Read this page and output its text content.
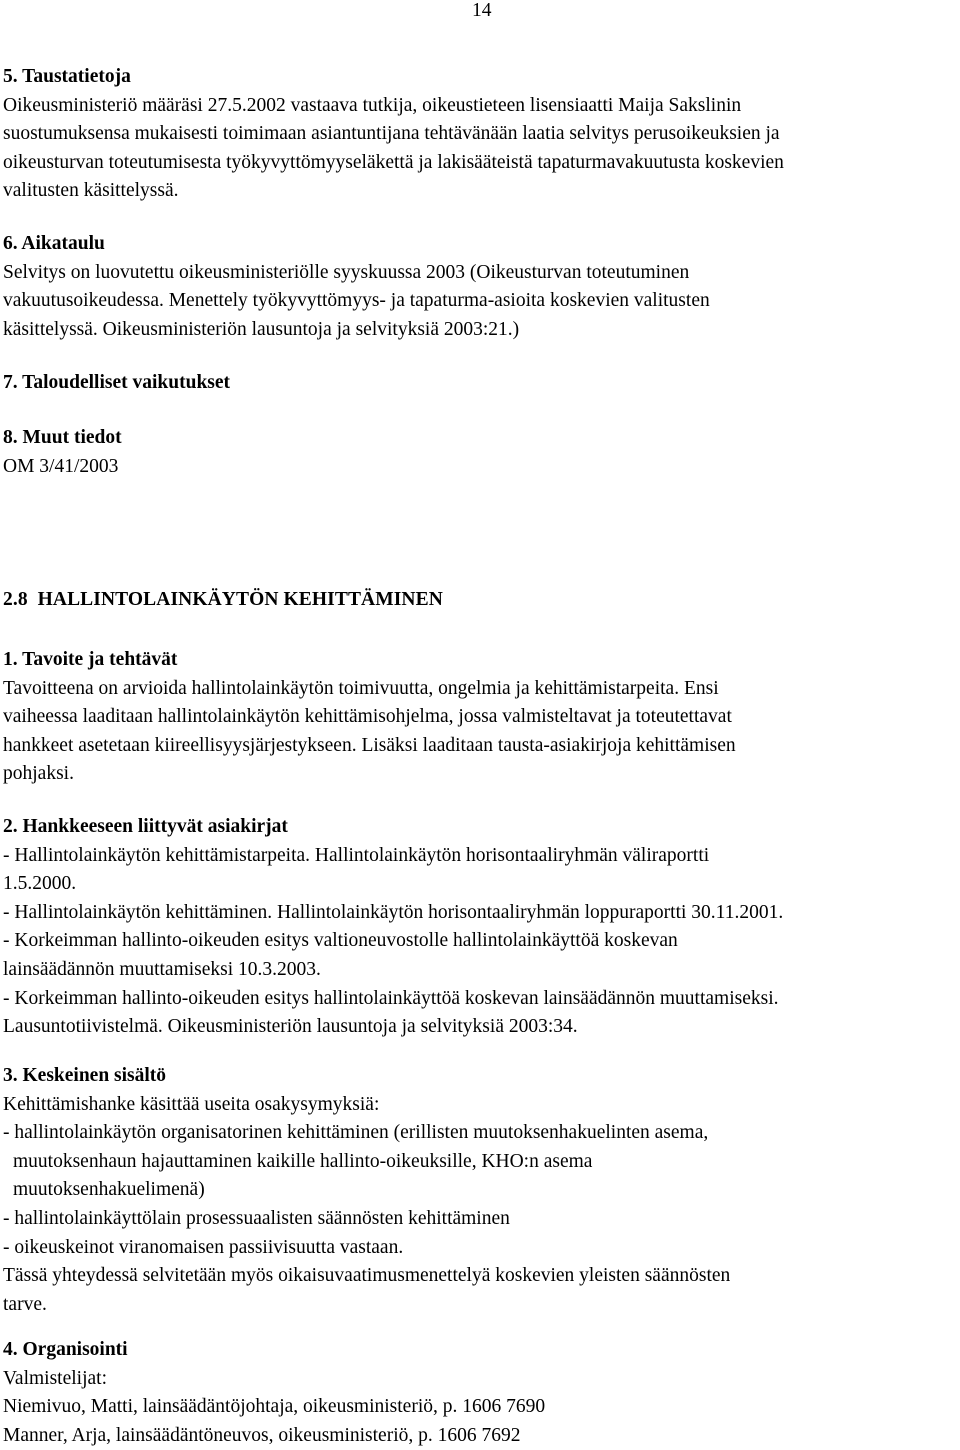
14
5. Taustatietoja
Oikeusministeriö määräsi 27.5.2002 vastaava tutkija, oikeustieteen lisensiaatti Maija Sakslinin
suostumuksensa mukaisesti toimimaan asiantuntijana tehtävänään laatia selvitys perusoikeuksien ja
oikeusturvan toteutumisesta työkyvyttömyyseläkettä ja lakisääteistä tapaturmavakuutusta koskevien
valitusten käsittelyssä.
6. Aikataulu
Selvitys on luovutettu oikeusministeriölle syyskuussa 2003 (Oikeusturvan toteutuminen
vakuutusoikeudessa. Menettely työkyvyttömyys- ja tapaturma-asioita koskevien valitusten
käsittelyssä. Oikeusministeriön lausuntoja ja selvityksiä 2003:21.)
7. Taloudelliset vaikutukset
8. Muut tiedot
OM 3/41/2003
2.8  HALLINTOLAINKÄYTÖN KEHITTÄMINEN
1. Tavoite ja tehtävät
Tavoitteena on arvioida hallintolainkäytön toimivuutta, ongelmia ja kehittämistarpeita. Ensi
vaiheessa laaditaan hallintolainkäytön kehittämisohjelma, jossa valmisteltavat ja toteutettavat
hankkeet asetetaan kiireellisyysjärjestykseen. Lisäksi laaditaan tausta-asiakirjoja kehittämisen
pohjaksi.
2. Hankkeeseen liittyvät asiakirjat
- Hallintolainkäytön kehittämistarpeita. Hallintolainkäytön horisontaaliryhmän väliraportti
1.5.2000.
- Hallintolainkäytön kehittäminen. Hallintolainkäytön horisontaaliryhmän loppuraportti 30.11.2001.
- Korkeimman hallinto-oikeuden esitys valtioneuvostolle hallintolainkäyttöä koskevan
lainsäädännön muuttamiseksi 10.3.2003.
- Korkeimman hallinto-oikeuden esitys hallintolainkäyttöä koskevan lainsäädännön muuttamiseksi.
Lausuntotiivistelmä. Oikeusministeriön lausuntoja ja selvityksiä 2003:34.
3. Keskeinen sisältö
Kehittämishanke käsittää useita osakysymyksiä:
- hallintolainkäytön organisatorinen kehittäminen (erillisten muutoksenhakuelinten asema,
muutoksenhaun hajauttaminen kaikille hallinto-oikeuksille, KHO:n asema
muutoksenhakuelimenä)
- hallintolainkäyttölain prosessuaalisten säännösten kehittäminen
- oikeuskeinot viranomaisen passiivisuutta vastaan.
Tässä yhteydessä selvitetään myös oikaisuvaatimusmenettelyä koskevien yleisten säännösten
tarve.
4. Organisointi
Valmistelijat:
Niemivuo, Matti, lainsäädäntöjohtaja, oikeusministeriö, p. 1606 7690
Manner, Arja, lainsäädäntöneuvos, oikeusministeriö, p. 1606 7692
